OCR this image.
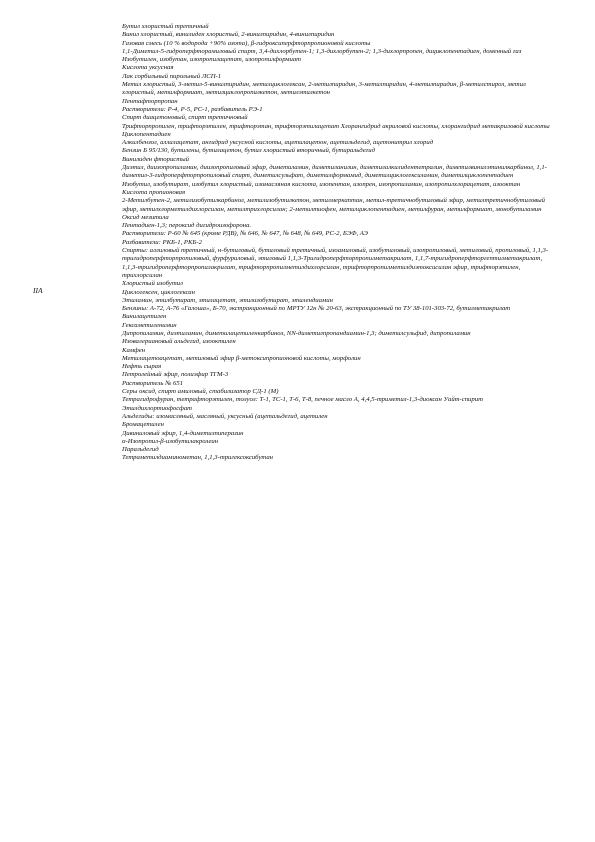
IIA

Бутил хлористый третичный

Винил хлористый, винилиден хлористый, 2-винилпиридин, 4-винилпиридин

Газовая смесь (10 % водорода +90% азота), β-гидроксиперфторпропионовой кислоты

1,1-Диметил-5-гидроперфторамиловый спирт, 3,4-дихлорбутен-1; 1,3-дихлорбутен-2; 1,3-дихлорпропен, дициклопентадиен, доменный газ

Изобутилен, изобутан, изопропилацетат, изопропилформиат

Кислота уксусная

Лак сорбильный пирольный ЛСП-1

Метил хлористый, 3-метил-5-винилпиридин, метилциклогексан, 2-метилпиридин, 3-метилпиридин, 4-метилпиридин, β-метилстирол, метил хлористый, метилформиат, метилциклопропилкетон, метилэтилкетон

Пентафторпропан

Растворители: Р-4, Р-5, РС-1, разбавитель РЭ-1

Спирт диацетоновый, спирт третичновый

Трифторпропилен, трифторэтилен, трифторэтан, трифторэтилацетат Хлорангидрид акриловой кислоты, хлорангидрид метакриловой кислоты Циклопентадиен

Алкилбензол, аллилацетат, ангидрид уксусной кислоты, ацетилацетон, ацетальдегид, ацетонитрил хлорид

Бензин Б 95/130, бутилены, бутилацетон, бутил хлористый вторичный, бутиральдегид

Винилиден фтористый

Диэтил, диизопропиламин, диизопропиловый эфир, диметиламин, диметиланилин, диметилалкилидентетралин, диметилвинилэтинилкарбинол, 1,1-диметил-3-гидроперфторпропиловый спирт, диметилсульфат, диметилформамид, диметилциклогексиламин, диметилциклопентадиен

Изобутил, изобутират, изобутил хлористый, изомасляная кислота, изопентан, изопрен, изопропиламин, изопропилхлорацетат, изооктан

Кислота пропионовая

2-Метилбутен-2, метилизобутилкарбинол, метилизобутилкетон, метилмеркаптан, метил-третичнобутиловый эфир, метилтретичнобутиловый эфир, метилхлорметилдихлорсилан, метилтрихлорсилан; 2-метилтиофен, метилциклопентадиен, метилфуран, метилформиат, монобутиламин

Оксид мезитила

Пентадиен-1,3; пероксид дигидроизофорона.

Растворители: Р-60 № 645 (кроме РДВ), № 646, № 647, № 648, № 649, РС-2, БЭФ, АЭ

Разбавители: РКБ-1, РКБ-2

Спирты: аллиловый третичный, н-бутиловый, бутиловый третичный, изоамиловый, изобутиловый, изопропиловый, метиловый, пропиловый, 1,1,3-тригидроперфторпропиловый, фурфуриловый, этиловый 1,1,3-Тригидроперфторпропилметакрилат, 1,1,7-тригидроперфторгептилметакрилат, 1,1,3-тригидроперфторпропилакрилат, трифторпропилметилдихлорсилан, трифторпропилметилдиэтоксисилан эфир, трифторэтилен, трихлорсилан

Хлористый изобутил

Циклогексен, циклогексан

Этиламин, этилбутират, этилацетат, этилизобутират, этилендиамин

Бензины: А-72, А-76 «Галоша», Б-70, экстракционный по МРТУ 12н № 20-63, экстракционный по ТУ 38-101-303-72, бутилметакрилат

Винилацетилен

Гексаметиленимин

Дипропиламин, диэтиламин, диметилацетиленкарбинол, NN-диметилпропандиамин-1,3; диметилсульфид, дипропиламин

Изовалериановый альдегид, изооктилен

Камфен

Метилацетоацетат, метиловый эфир β-метоксипропионовой кислоты, морфолин

Нефть сырая

Петролейный эфир, полиэфир ТГМ-3

Растворитель № 651

Серы оксид, спирт амиловый, стабилизатор СД-1 (М)

Тетрагидрофуран, тетрафторэтилен, толуол: Т-1, ТС-1, Т-6, Т-8, печное масло А, 4,4,5-триметил-1,3-диоксан Уайт-спирит

Этилдихлортиофосфат

Альдегиды: изомасляный, масляный, уксусный (ацетальдегид, ацетилен

Бромацетилен

Дивиниловый эфир, 1,4-диметилпиперазин

α-Изопропил-β-изобутилакролеин

Паральдегид

Тетраметилдиаминометан, 1,1,3-тригексоксибутан
